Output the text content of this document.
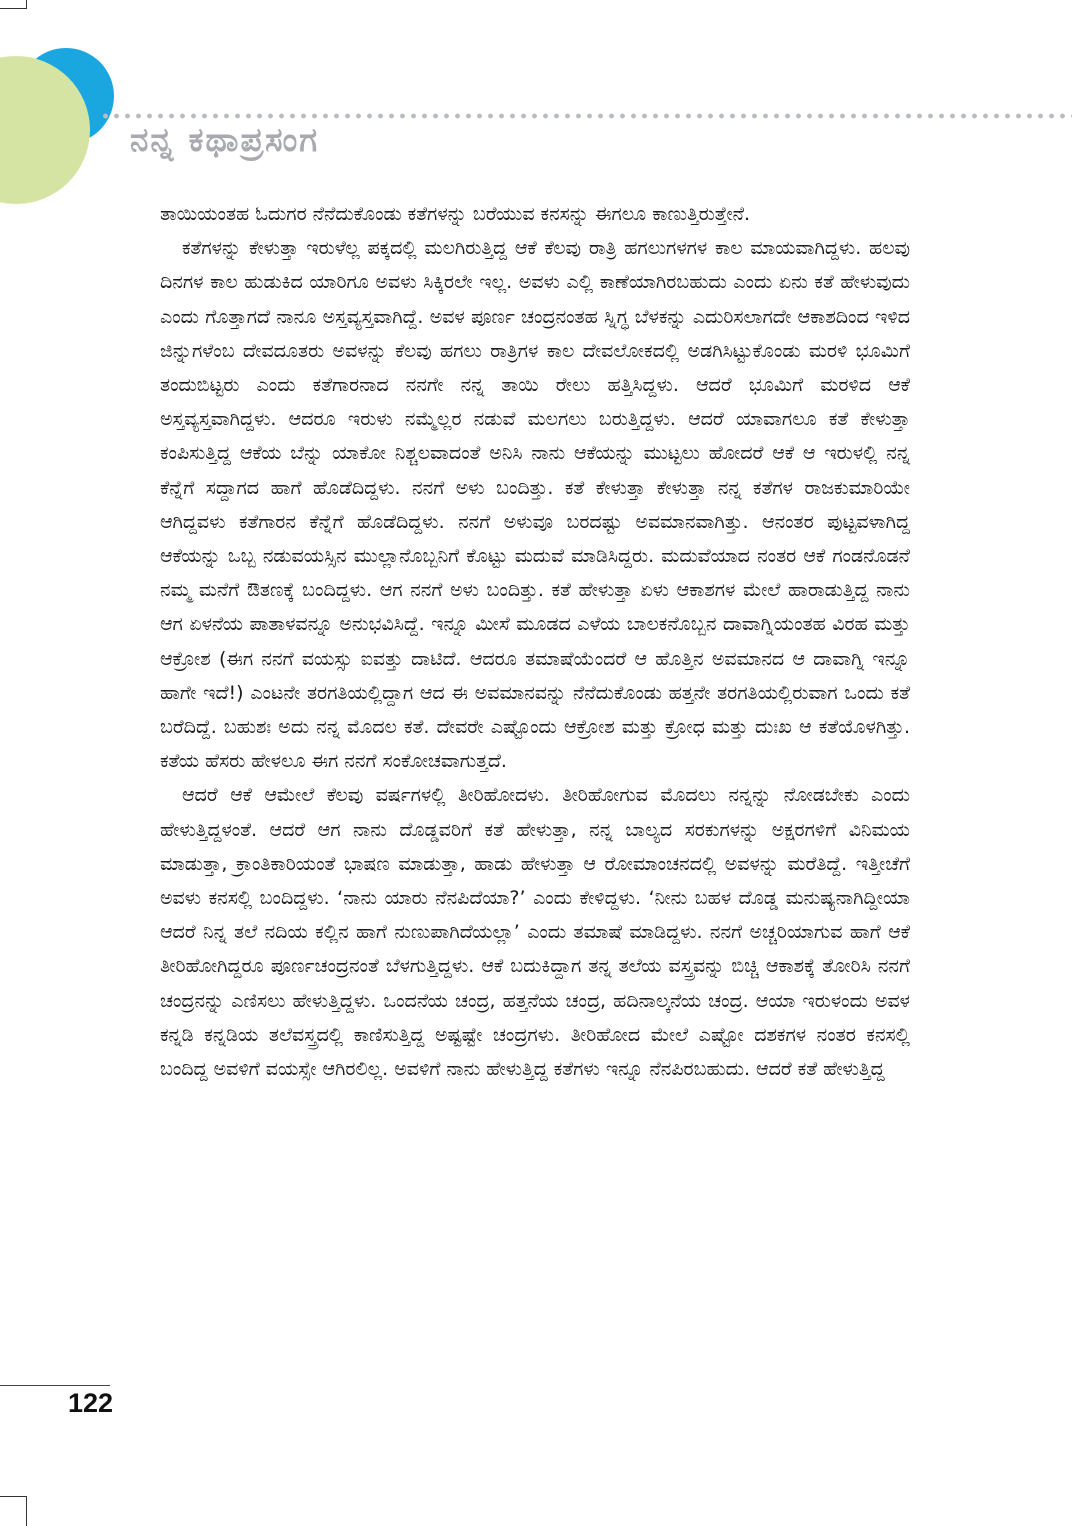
ನನ್ನ ಕಥಾಪ್ರಸಂಗ

ತಾಯಿಯಂತಹ ಓದುಗರ ನೆನೆದುಕೊಂಡು ಕತೆಗಳನ್ನು ಬರೆಯುವ ಕನಸನ್ನು ಈಗಲೂ ಕಾಣುತ್ತಿರುತ್ತೇನೆ.

ಕತೆಗಳನ್ನು ಕೇಳುತ್ತಾ ಇರುಳೆಲ್ಲ ಪಕ್ಕದಲ್ಲಿ ಮಲಗಿರುತ್ತಿದ್ದ ಆಕೆ ಕೆಲವು ರಾತ್ರಿ ಹಗಲುಗಳಗಳ ಕಾಲ ಮಾಯವಾಗಿದ್ದಳು. ಹಲವು ದಿನಗಳ ಕಾಲ ಹುಡುಕಿದ ಯಾರಿಗೂ ಅವಳು ಸಿಕ್ಕಿರಲೇ ಇಲ್ಲ. ಅವಳು ಎಲ್ಲಿ ಕಾಣೆಯಾಗಿರಬಹುದು ಎಂದು ಏನು ಕತೆ ಹೇಳುವುದು ಎಂದು ಗೊತ್ತಾಗದೆ ನಾನೂ ಅಸ್ತವ್ಯಸ್ತವಾಗಿದ್ದೆ. ಅವಳ ಪೂರ್ಣ ಚಂದ್ರನಂತಹ ಸ್ನಿಗ್ಧ ಬೆಳಕನ್ನು ಎದುರಿಸಲಾಗದೇ ಆಕಾಶದಿಂದ ಇಳಿದ ಜಿನ್ನುಗಳೆಂಬ ದೇವದೂತರು ಅವಳನ್ನು ಕೆಲವು ಹಗಲು ರಾತ್ರಿಗಳ ಕಾಲ ದೇವಲೋಕದಲ್ಲಿ ಅಡಗಿಸಿಟ್ಟುಕೊಂಡು ಮರಳಿ ಭೂಮಿಗೆ ತಂದುಬಿಟ್ಟರು ಎಂದು ಕತೆಗಾರನಾದ ನನಗೇ ನನ್ನ ತಾಯಿ ರೇಲು ಹತ್ತಿಸಿದ್ದಳು. ಆದರೆ ಭೂಮಿಗೆ ಮರಳಿದ ಆಕೆ ಅಸ್ತವ್ಯಸ್ತವಾಗಿದ್ದಳು. ಆದರೂ ಇರುಳು ನಮ್ಮೆಲ್ಲರ ನಡುವೆ ಮಲಗಲು ಬರುತ್ತಿದ್ದಳು. ಆದರೆ ಯಾವಾಗಲೂ ಕತೆ ಕೇಳುತ್ತಾ ಕಂಪಿಸುತ್ತಿದ್ದ ಆಕೆಯ ಬೆನ್ನು ಯಾಕೋ ನಿಶ್ಚಲವಾದಂತೆ ಅನಿಸಿ ನಾನು ಆಕೆಯನ್ನು ಮುಟ್ಟಲು ಹೋದರೆ ಆಕೆ ಆ ಇರುಳಲ್ಲಿ ನನ್ನ ಕೆನ್ನೆಗೆ ಸದ್ದಾಗದ ಹಾಗೆ ಹೊಡೆದಿದ್ದಳು. ನನಗೆ ಅಳು ಬಂದಿತ್ತು. ಕತೆ ಕೇಳುತ್ತಾ ಕೇಳುತ್ತಾ ನನ್ನ ಕತೆಗಳ ರಾಜಕುಮಾರಿಯೇ ಆಗಿದ್ದವಳು ಕತೆಗಾರನ ಕೆನ್ನೆಗೆ ಹೊಡೆದಿದ್ದಳು. ನನಗೆ ಅಳುವೂ ಬರದಷ್ಟು ಅವಮಾನವಾಗಿತ್ತು. ಆನಂತರ ಪುಟ್ಟವಳಾಗಿದ್ದ ಆಕೆಯನ್ನು ಒಬ್ಬ ನಡುವಯಸ್ಸಿನ ಮುಲ್ಲಾನೊಬ್ಬನಿಗೆ ಕೊಟ್ಟು ಮದುವೆ ಮಾಡಿಸಿದ್ದರು. ಮದುವೆಯಾದ ನಂತರ ಆಕೆ ಗಂಡನೊಡನೆ ನಮ್ಮ ಮನೆಗೆ ಔತಣಕ್ಕೆ ಬಂದಿದ್ದಳು. ಆಗ ನನಗೆ ಅಳು ಬಂದಿತ್ತು. ಕತೆ ಹೇಳುತ್ತಾ ಏಳು ಆಕಾಶಗಳ ಮೇಲೆ ಹಾರಾಡುತ್ತಿದ್ದ ನಾನು ಆಗ ಏಳನೆಯ ಪಾತಾಳವನ್ನೂ ಅನುಭವಿಸಿದ್ದೆ. ಇನ್ನೂ ಮೀಸೆ ಮೂಡದ ಎಳೆಯ ಬಾಲಕನೊಬ್ಬನ ದಾವಾಗ್ನಿಯಂತಹ ವಿರಹ ಮತ್ತು ಆಕ್ರೋಶ (ಈಗ ನನಗೆ ವಯಸ್ಸು ಐವತ್ತು ದಾಟಿದೆ. ಆದರೂ ತಮಾಷೆಯೆಂದರೆ ಆ ಹೊತ್ತಿನ ಅವಮಾನದ ಆ ದಾವಾಗ್ನಿ ಇನ್ನೂ ಹಾಗೇ ಇದೆ!) ಎಂಟನೇ ತರಗತಿಯಲ್ಲಿದ್ದಾಗ ಆದ ಈ ಅವಮಾನವನ್ನು ನೆನೆದುಕೊಂಡು ಹತ್ತನೇ ತರಗತಿಯಲ್ಲಿರುವಾಗ ಒಂದು ಕತೆ ಬರೆದಿದ್ದೆ. ಬಹುಶಃ ಅದು ನನ್ನ ಮೊದಲ ಕತೆ. ದೇವರೇ ಎಷ್ಟೊಂದು ಆಕ್ರೋಶ ಮತ್ತು ಕ್ರೋಧ ಮತ್ತು ದುಃಖ ಆ ಕತೆಯೊಳಗಿತ್ತು. ಕತೆಯ ಹೆಸರು ಹೇಳಲೂ ಈಗ ನನಗೆ ಸಂಕೋಚವಾಗುತ್ತದೆ.

ಆದರೆ ಆಕೆ ಆಮೇಲೆ ಕೆಲವು ವರ್ಷಗಳಲ್ಲಿ ತೀರಿಹೋದಳು. ತೀರಿಹೋಗುವ ಮೊದಲು ನನ್ನನ್ನು ನೋಡಬೇಕು ಎಂದು ಹೇಳುತ್ತಿದ್ದಳಂತೆ. ಆದರೆ ಆಗ ನಾನು ದೊಡ್ಡವರಿಗೆ ಕತೆ ಹೇಳುತ್ತಾ, ನನ್ನ ಬಾಲ್ಯದ ಸರಕುಗಳನ್ನು ಅಕ್ಷರಗಳಿಗೆ ವಿನಿಮಯ ಮಾಡುತ್ತಾ, ಕ್ರಾಂತಿಕಾರಿಯಂತೆ ಭಾಷಣ ಮಾಡುತ್ತಾ, ಹಾಡು ಹೇಳುತ್ತಾ ಆ ರೋಮಾಂಚನದಲ್ಲಿ ಅವಳನ್ನು ಮರೆತಿದ್ದೆ. ಇತ್ತೀಚೆಗೆ ಅವಳು ಕನಸಲ್ಲಿ ಬಂದಿದ್ದಳು. ‘ನಾನು ಯಾರು ನೆನಪಿದೆಯಾ?’ ಎಂದು ಕೇಳಿದ್ದಳು. ‘ನೀನು ಬಹಳ ದೊಡ್ಡ ಮನುಷ್ಯನಾಗಿದ್ದೀಯಾ ಆದರೆ ನಿನ್ನ ತಲೆ ನದಿಯ ಕಲ್ಲಿನ ಹಾಗೆ ನುಣುಪಾಗಿದೆಯಲ್ಲಾ’ ಎಂದು ತಮಾಷೆ ಮಾಡಿದ್ದಳು. ನನಗೆ ಅಚ್ಚರಿಯಾಗುವ ಹಾಗೆ ಆಕೆ ತೀರಿಹೋಗಿದ್ದರೂ ಪೂರ್ಣಚಂದ್ರನಂತೆ ಬೆಳಗುತ್ತಿದ್ದಳು. ಆಕೆ ಬದುಕಿದ್ದಾಗ ತನ್ನ ತಲೆಯ ವಸ್ತ್ರವನ್ನು ಬಿಚ್ಚಿ ಆಕಾಶಕ್ಕೆ ತೋರಿಸಿ ನನಗೆ ಚಂದ್ರನನ್ನು ಎಣಿಸಲು ಹೇಳುತ್ತಿದ್ದಳು. ಒಂದನೆಯ ಚಂದ್ರ, ಹತ್ತನೆಯ ಚಂದ್ರ, ಹದಿನಾಲ್ಕನೆಯ ಚಂದ್ರ. ಆಯಾ ಇರುಳಂದು ಅವಳ ಕನ್ನಡಿ ಕನ್ನಡಿಯ ತಲೆವಸ್ತ್ರದಲ್ಲಿ ಕಾಣಿಸುತ್ತಿದ್ದ ಅಷ್ಟಷ್ಟೇ ಚಂದ್ರಗಳು. ತೀರಿಹೋದ ಮೇಲೆ ಎಷ್ಟೋ ದಶಕಗಳ ನಂತರ ಕನಸಲ್ಲಿ ಬಂದಿದ್ದ ಅವಳಿಗೆ ವಯಸ್ಸೇ ಆಗಿರಲಿಲ್ಲ. ಅವಳಿಗೆ ನಾನು ಹೇಳುತ್ತಿದ್ದ ಕತೆಗಳು ಇನ್ನೂ ನೆನಪಿರಬಹುದು. ಆದರೆ ಕತೆ ಹೇಳುತ್ತಿದ್ದ

122
